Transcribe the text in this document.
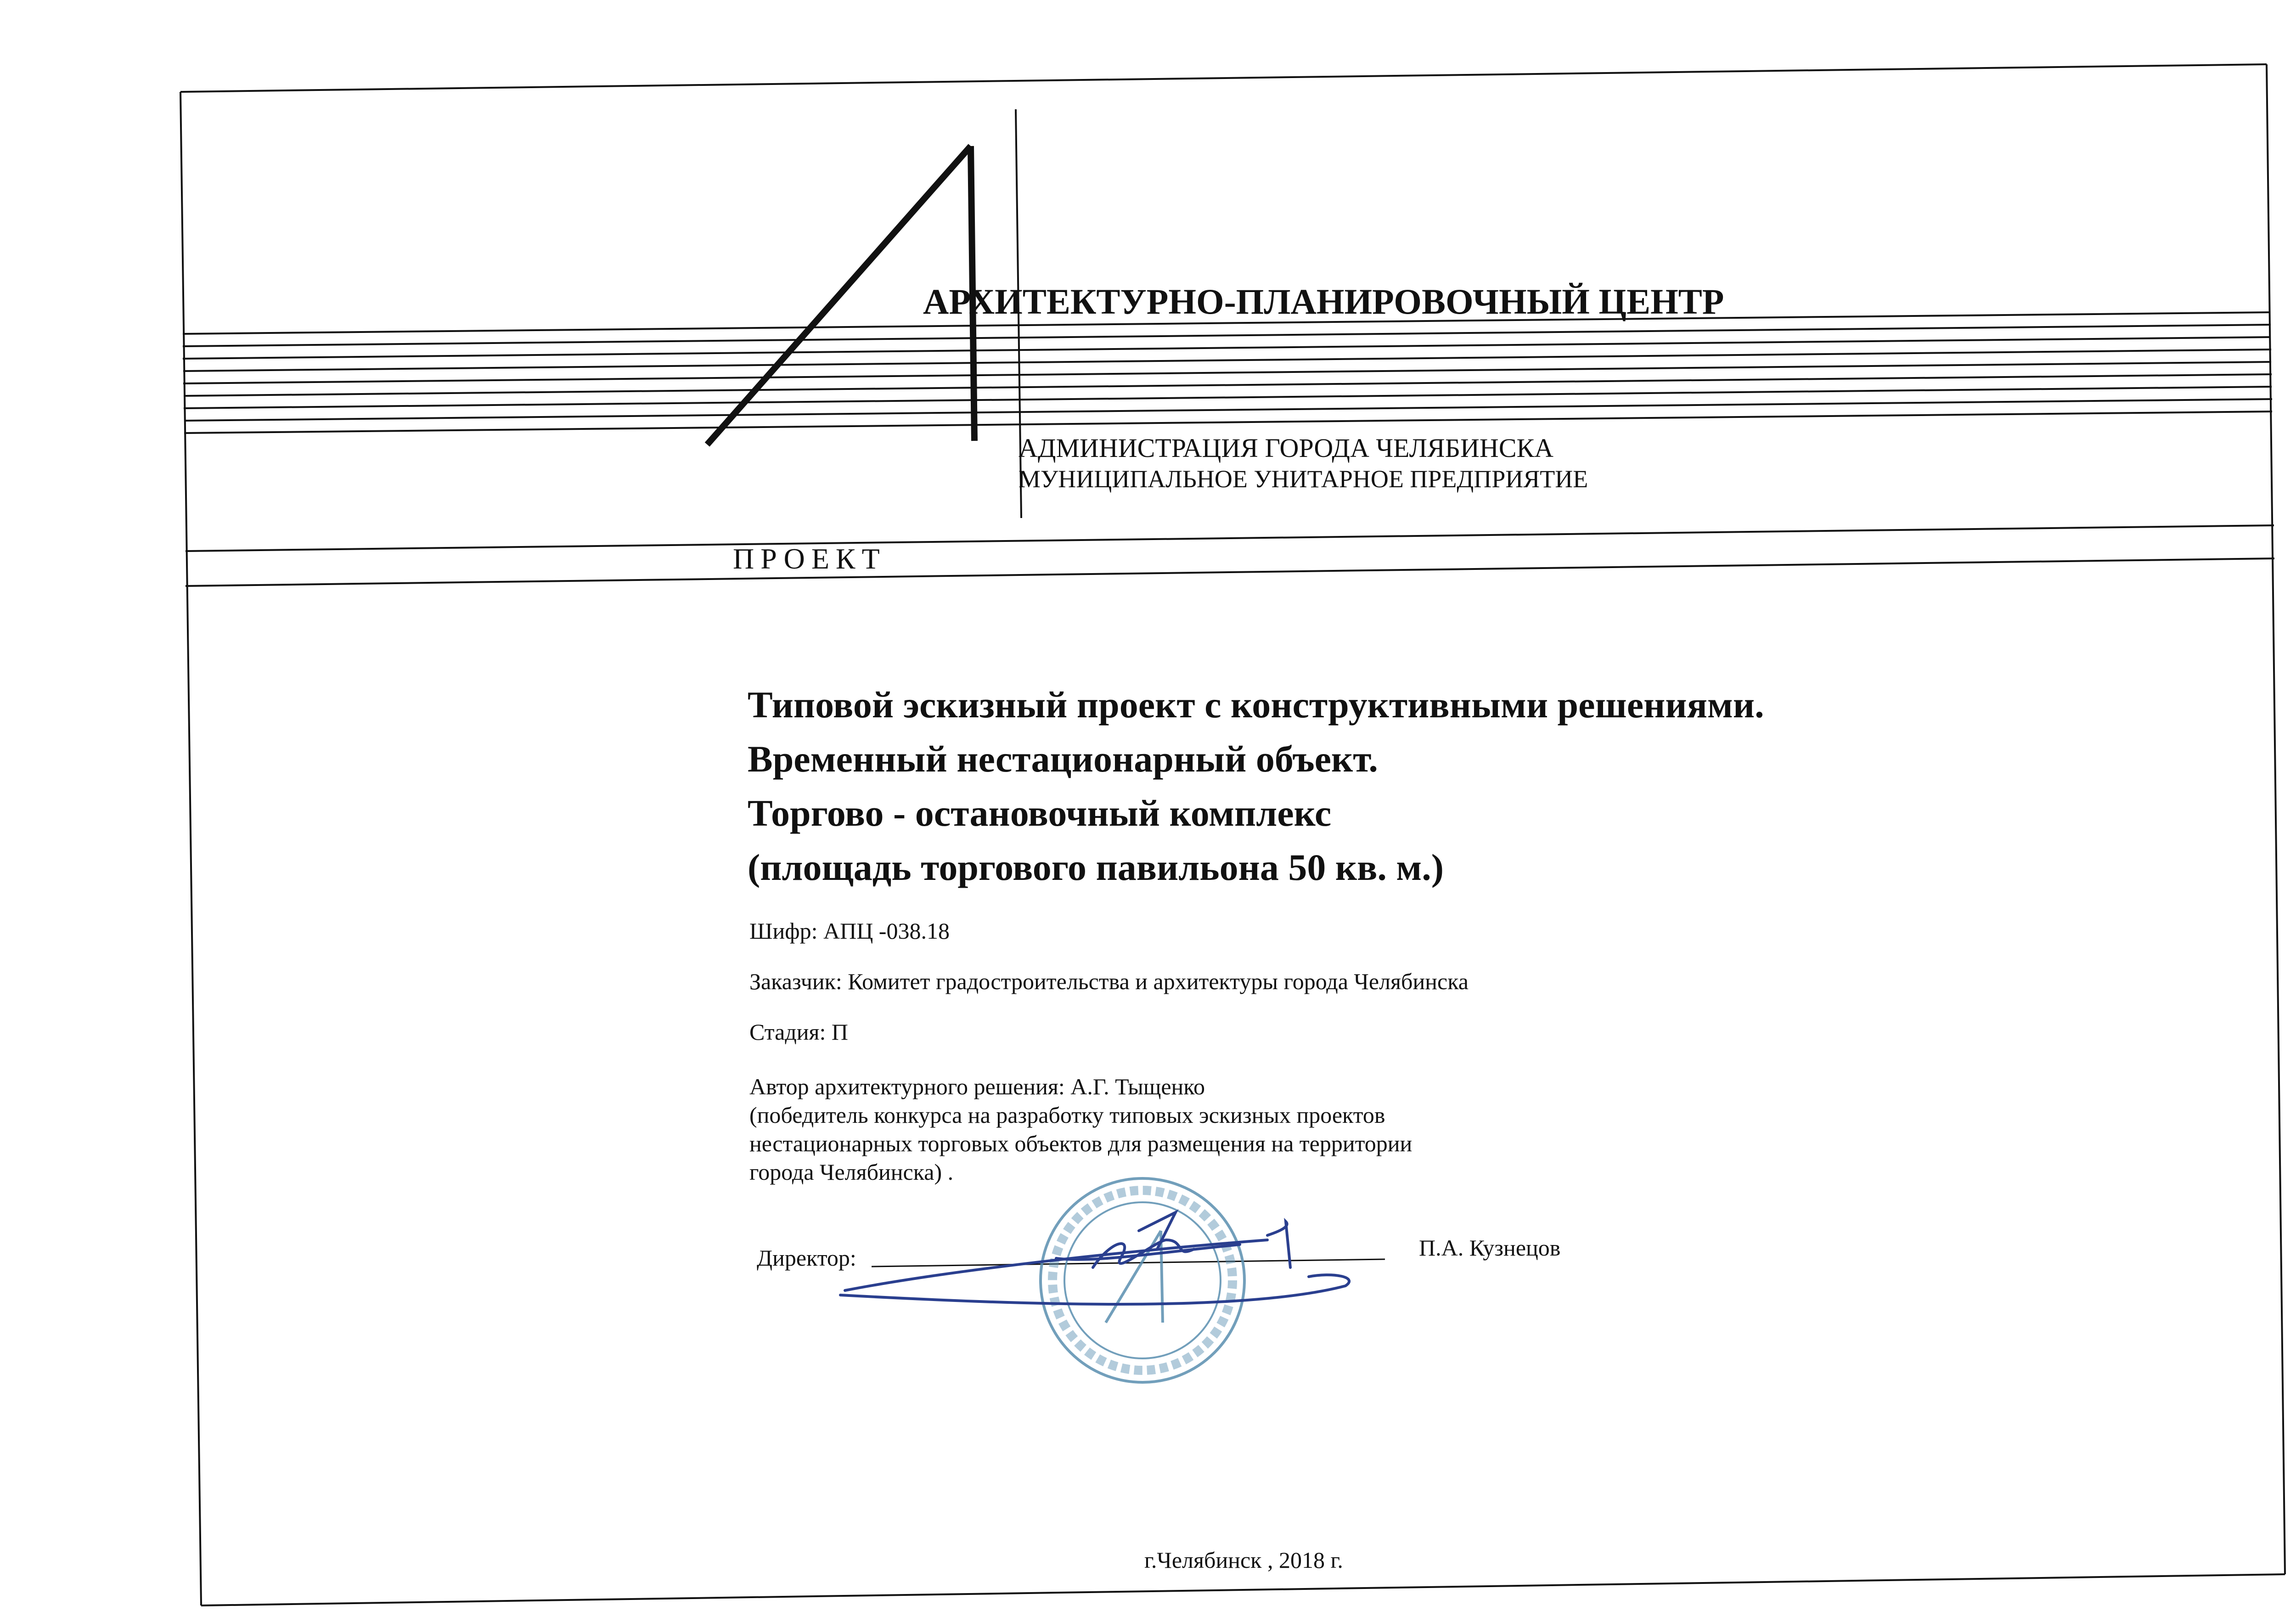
АРХИТЕКТУРНО-ПЛАНИРОВОЧНЫЙ ЦЕНТР
АДМИНИСТРАЦИЯ ГОРОДА ЧЕЛЯБИНСКА
МУНИЦИПАЛЬНОЕ УНИТАРНОЕ ПРЕДПРИЯТИЕ
ПРОЕКТ
Типовой эскизный проект с конструктивными решениями.
Временный нестационарный объект.
Торгово - остановочный комплекс
(площадь торгового павильона 50 кв. м.)
Шифр: АПЦ -038.18
Заказчик: Комитет градостроительства и архитектуры города Челябинска
Стадия: П
Автор архитектурного решения: А.Г. Тыщенко
(победитель конкурса на разработку типовых эскизных проектов
нестационарных торговых объектов для размещения на территории
города Челябинска) .
Директор:	П.А. Кузнецов
г.Челябинск , 2018 г.
